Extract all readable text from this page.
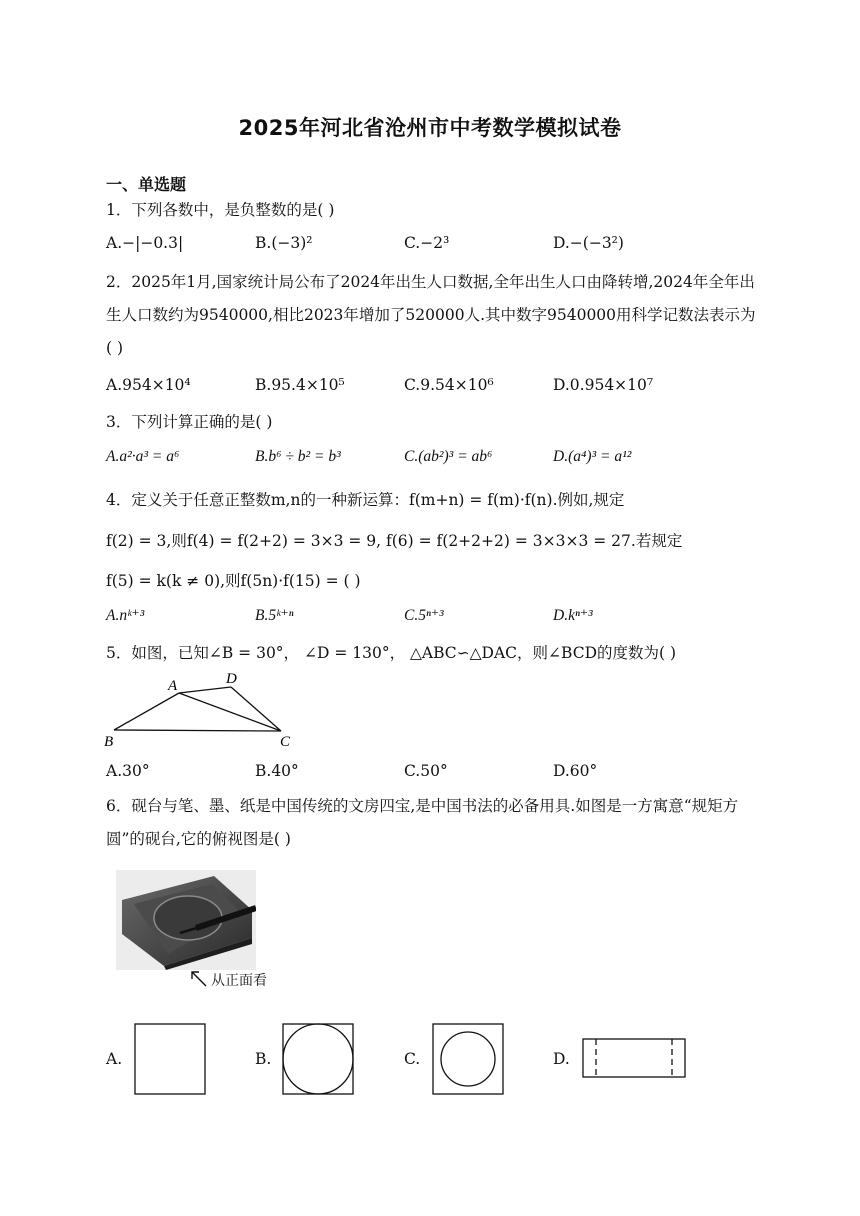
2025年河北省沧州市中考数学模拟试卷
一、单选题
1．下列各数中，是负整数的是( )
A.−|−0.3|	B.(−3)²	C.−2³	D.−(−3²)
2．2025年1月,国家统计局公布了2024年出生人口数据,全年出生人口由降转增,2024年全年出生人口数约为9540000,相比2023年增加了520000人.其中数字9540000用科学记数法表示为( )
A.954×10⁴	B.95.4×10⁵	C.9.54×10⁶	D.0.954×10⁷
3．下列计算正确的是( )
A.a²·a³ = a⁶	B.b⁶ ÷ b² = b³	C.(ab²)³ = ab⁶	D.(a⁴)³ = a¹²
4．定义关于任意正整数m,n的一种新运算：f(m+n) = f(m)·f(n).例如,规定
f(2) = 3,则f(4) = f(2+2) = 3×3 = 9, f(6) = f(2+2+2) = 3×3×3 = 27.若规定
f(5) = k(k ≠ 0),则f(5n)·f(15) = ( )
A.nᵏ⁺³	B.5ᵏ⁺ⁿ	C.5ⁿ⁺³	D.kⁿ⁺³
5．如图，已知∠B = 30°， ∠D = 130°， △ABC∽△DAC，则∠BCD的度数为( )
A	D
B	C
A.30°	B.40°	C.50°	D.60°
6．砚台与笔、墨、纸是中国传统的文房四宝,是中国书法的必备用具.如图是一方寓意“规矩方圆”的砚台,它的俯视图是( )
从正面看
A.	B.	C.	D.
